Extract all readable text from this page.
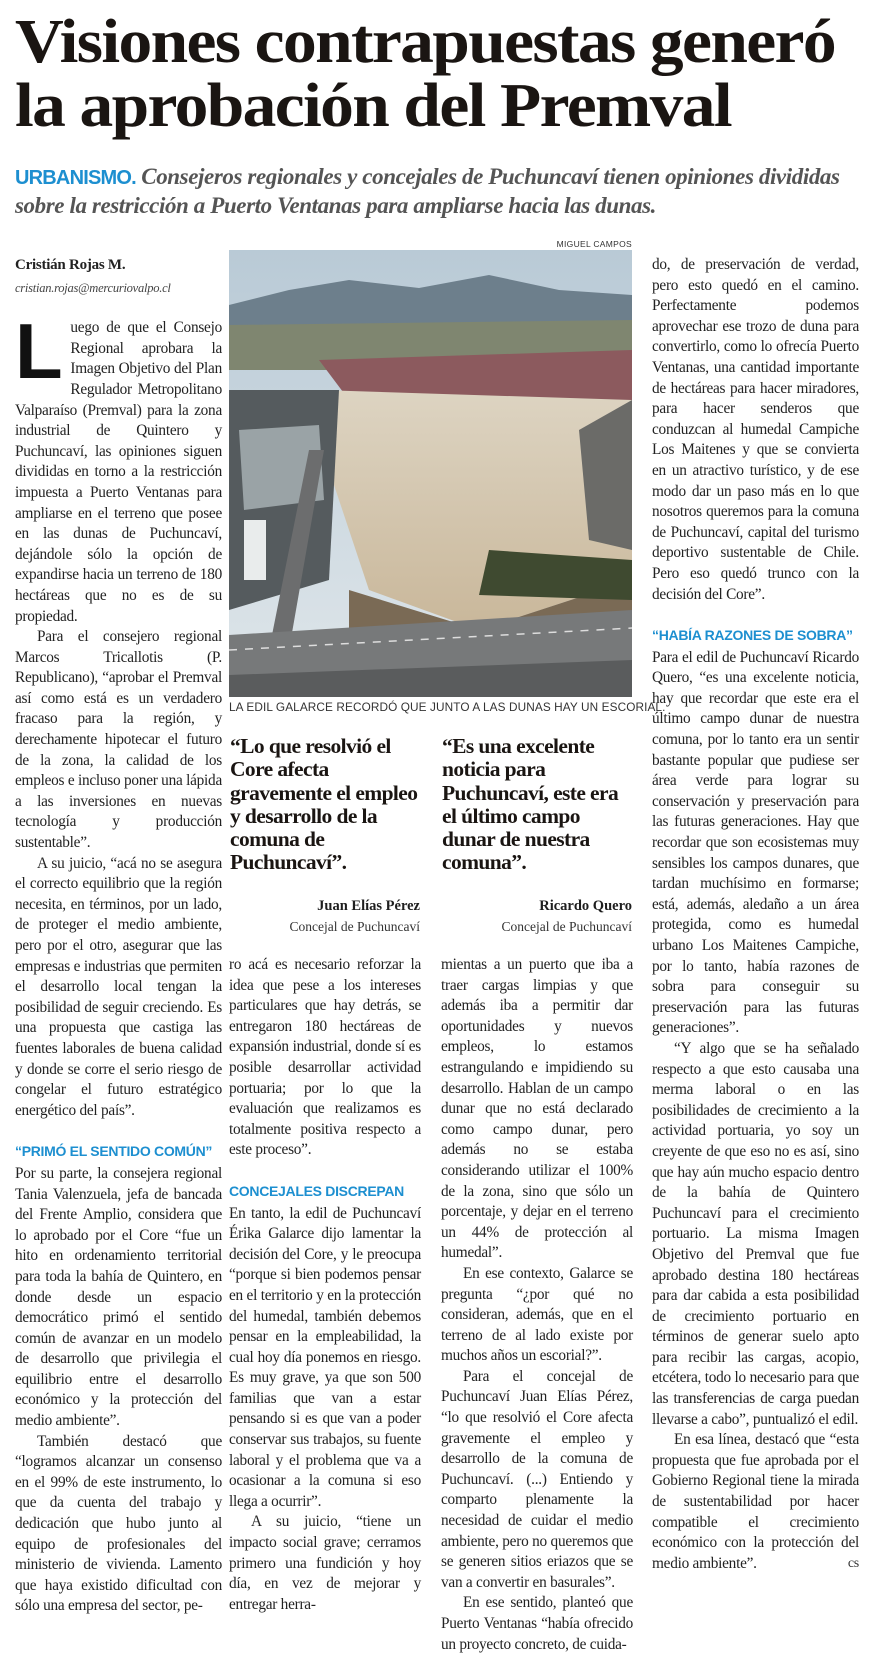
Visiones contrapuestas generó
la aprobación del Premval
URBANISMO. Consejeros regionales y concejales de Puchuncaví tienen opiniones divididas sobre la restricción a Puerto Ventanas para ampliarse hacia las dunas.
Cristián Rojas M.
cristian.rojas@mercuriovalpo.cl

Luego de que el Consejo Regional aprobara la Imagen Objetivo del Plan Regulador Metropolitano Valparaíso (Premval) para la zona industrial de Quintero y Puchuncaví, las opiniones siguen divididas en torno a la restricción impuesta a Puerto Ventanas para ampliarse en el terreno que posee en las dunas de Puchuncaví, dejándole sólo la opción de expandirse hacia un terreno de 180 hectáreas que no es de su propiedad.

Para el consejero regional Marcos Tricallotis (P. Republicano), “aprobar el Premval así como está es un verdadero fracaso para la región, y derechamente hipotecar el futuro de la zona, la calidad de los empleos e incluso poner una lápida a las inversiones en nuevas tecnología y producción sustentable”.

A su juicio, “acá no se asegura el correcto equilibrio que la región necesita, en términos, por un lado, de proteger el medio ambiente, pero por el otro, asegurar que las empresas e industrias que permiten el desarrollo local tengan la posibilidad de seguir creciendo. Es una propuesta que castiga las fuentes laborales de buena calidad y donde se corre el serio riesgo de congelar el futuro estratégico energético del país”.

“PRIMÓ EL SENTIDO COMÚN”

Por su parte, la consejera regional Tania Valenzuela, jefa de bancada del Frente Amplio, considera que lo aprobado por el Core “fue un hito en ordenamiento territorial para toda la bahía de Quintero, en donde desde un espacio democrático primó el sentido común de avanzar en un modelo de desarrollo que privilegia el equilibrio entre el desarrollo económico y la protección del medio ambiente”.

También destacó que “logramos alcanzar un consenso en el 99% de este instrumento, lo que da cuenta del trabajo y dedicación que hubo junto al equipo de profesionales del ministerio de vivienda. Lamento que haya existido dificultad con sólo una empresa del sector, pe-

MIGUEL CAMPOS
LA EDIL GALARCE RECORDÓ QUE JUNTO A LAS DUNAS HAY UN ESCORIAL.
“Lo que resolvió el Core afecta gravemente el empleo y desarrollo de la comuna de Puchuncaví”.
Juan Elías Pérez
Concejal de Puchuncaví
“Es una excelente noticia para Puchuncaví, este era el último campo dunar de nuestra comuna”.
Ricardo Quero
Concejal de Puchuncaví

ro acá es necesario reforzar la idea que pese a los intereses particulares que hay detrás, se entregaron 180 hectáreas de expansión industrial, donde sí es posible desarrollar actividad portuaria; por lo que la evaluación que realizamos es totalmente positiva respecto a este proceso”.

CONCEJALES DISCREPAN

En tanto, la edil de Puchuncaví Érika Galarce dijo lamentar la decisión del Core, y le preocupa “porque si bien podemos pensar en el territorio y en la protección del humedal, también debemos pensar en la empleabilidad, la cual hoy día ponemos en riesgo. Es muy grave, ya que son 500 familias que van a estar pensando si es que van a poder conservar sus trabajos, su fuente laboral y el problema que va a ocasionar a la comuna si eso llega a ocurrir”.

A su juicio, “tiene un impacto social grave; cerramos primero una fundición y hoy día, en vez de mejorar y entregar herra-

mientas a un puerto que iba a traer cargas limpias y que además iba a permitir dar oportunidades y nuevos empleos, lo estamos estrangulando e impidiendo su desarrollo. Hablan de un campo dunar que no está declarado como campo dunar, pero además no se estaba considerando utilizar el 100% de la zona, sino que sólo un porcentaje, y dejar en el terreno un 44% de protección al humedal”.

En ese contexto, Galarce se pregunta “¿por qué no consideran, además, que en el terreno de al lado existe por muchos años un escorial?”.

Para el concejal de Puchuncaví Juan Elías Pérez, “lo que resolvió el Core afecta gravemente el empleo y desarrollo de la comuna de Puchuncaví. (...) Entiendo y comparto plenamente la necesidad de cuidar el medio ambiente, pero no queremos que se generen sitios eriazos que se van a convertir en basurales”.

En ese sentido, planteó que Puerto Ventanas “había ofrecido un proyecto concreto, de cuida-

do, de preservación de verdad, pero esto quedó en el camino. Perfectamente podemos aprovechar ese trozo de duna para convertirlo, como lo ofrecía Puerto Ventanas, una cantidad importante de hectáreas para hacer miradores, para hacer senderos que conduzcan al humedal Campiche Los Maitenes y que se convierta en un atractivo turístico, y de ese modo dar un paso más en lo que nosotros queremos para la comuna de Puchuncaví, capital del turismo deportivo sustentable de Chile. Pero eso quedó trunco con la decisión del Core”.

“HABÍA RAZONES DE SOBRA”

Para el edil de Puchuncaví Ricardo Quero, “es una excelente noticia, hay que recordar que este era el último campo dunar de nuestra comuna, por lo tanto era un sentir bastante popular que pudiese ser área verde para lograr su conservación y preservación para las futuras generaciones. Hay que recordar que son ecosistemas muy sensibles los campos dunares, que tardan muchísimo en formarse; está, además, aledaño a un área protegida, como es humedal urbano Los Maitenes Campiche, por lo tanto, había razones de sobra para conseguir su preservación para las futuras generaciones”.

“Y algo que se ha señalado respecto a que esto causaba una merma laboral o en las posibilidades de crecimiento a la actividad portuaria, yo soy un creyente de que eso no es así, sino que hay aún mucho espacio dentro de la bahía de Quintero Puchuncaví para el crecimiento portuario. La misma Imagen Objetivo del Premval que fue aprobado destina 180 hectáreas para dar cabida a esta posibilidad de crecimiento portuario en términos de generar suelo apto para recibir las cargas, acopio, etcétera, todo lo necesario para que las transferencias de carga puedan llevarse a cabo”, puntualizó el edil.

En esa línea, destacó que “esta propuesta que fue aprobada por el Gobierno Regional tiene la mirada de sustentabilidad por hacer compatible el crecimiento económico con la protección del medio ambiente”.	cs
